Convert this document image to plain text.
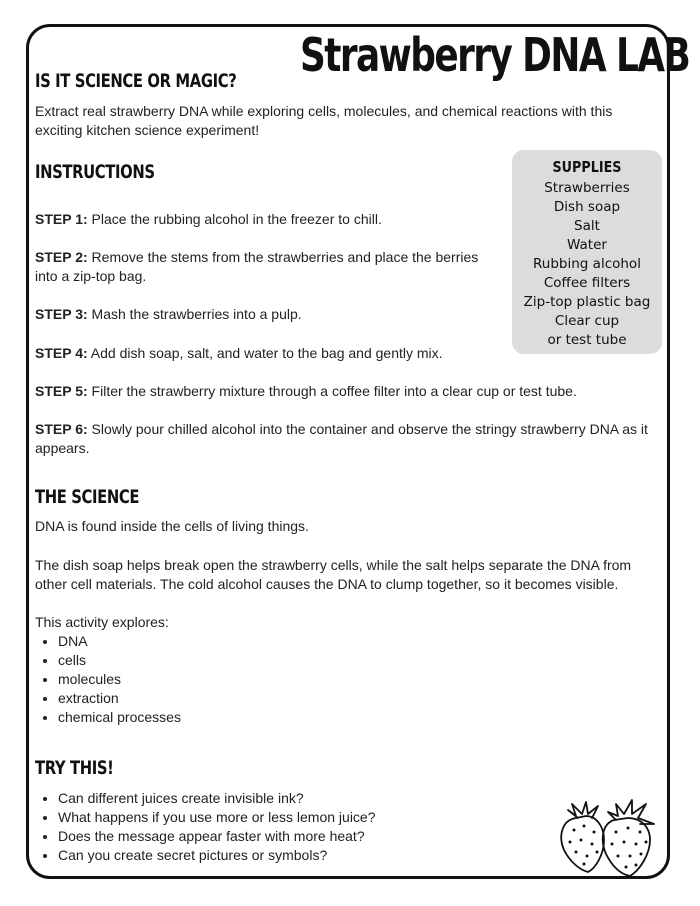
Strawberry DNA LAB
IS IT SCIENCE OR MAGIC?
Extract real strawberry DNA while exploring cells, molecules, and chemical reactions with this exciting kitchen science experiment!
INSTRUCTIONS
STEP 1: Place the rubbing alcohol in the freezer to chill.
STEP 2: Remove the stems from the strawberries and place the berries into a zip-top bag.
STEP 3: Mash the strawberries into a pulp.
STEP 4: Add dish soap, salt, and water to the bag and gently mix.
STEP 5: Filter the strawberry mixture through a coffee filter into a clear cup or test tube.
STEP 6: Slowly pour chilled alcohol into the container and observe the stringy strawberry DNA as it appears.
SUPPLIES
Strawberries
Dish soap
Salt
Water
Rubbing alcohol
Coffee filters
Zip-top plastic bag
Clear cup
or test tube
THE SCIENCE
DNA is found inside the cells of living things.
The dish soap helps break open the strawberry cells, while the salt helps separate the DNA from other cell materials. The cold alcohol causes the DNA to clump together, so it becomes visible.
This activity explores:
• DNA
• cells
• molecules
• extraction
• chemical processes
TRY THIS!
• Can different juices create invisible ink?
• What happens if you use more or less lemon juice?
• Does the message appear faster with more heat?
• Can you create secret pictures or symbols?
